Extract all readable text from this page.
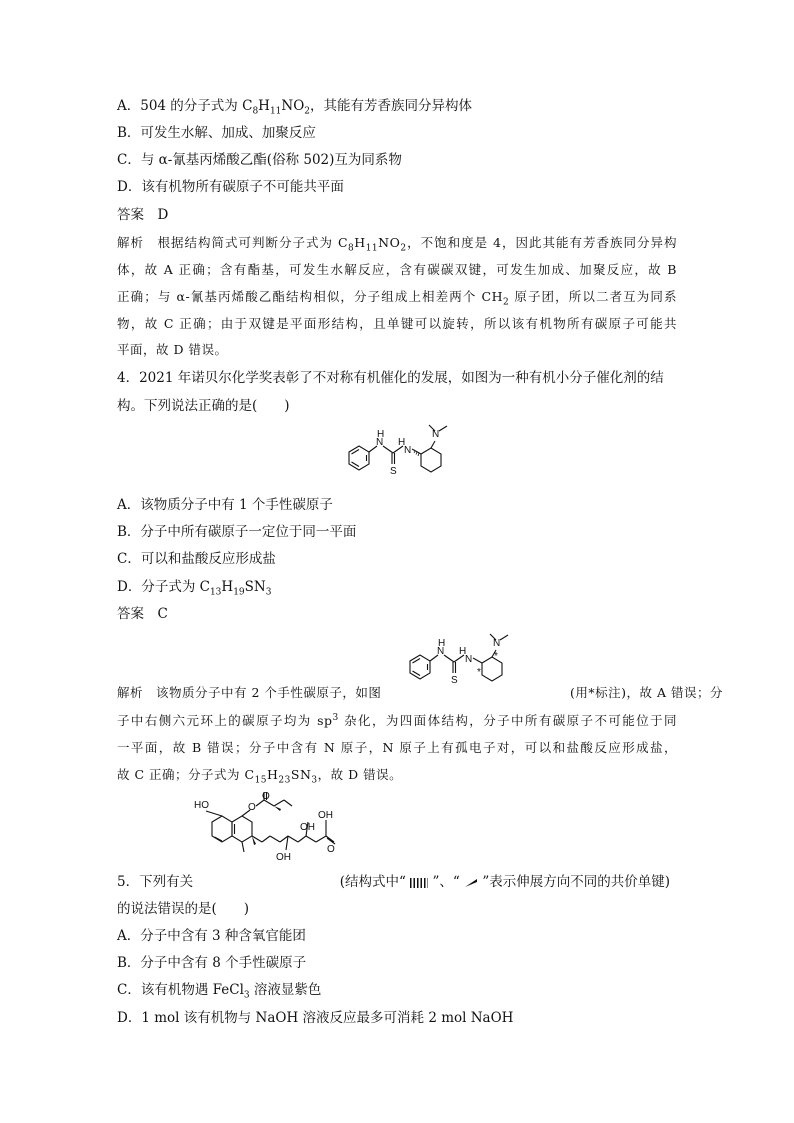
A．504 的分子式为 $C_8H_{11}NO_2$，其能有芳香族同分异构体
B．可发生水解、加成、加聚反应
C．与 α-氰基丙烯酸乙酯(俗称 502)互为同系物
D．该有机物所有碳原子不可能共平面
答案　D
解析　根据结构简式可判断分子式为 $C_8H_{11}NO_2$，不饱和度是 4，因此其能有芳香族同分异构
体，故 A 正确；含有酯基，可发生水解反应，含有碳碳双键，可发生加成、加聚反应，故 B
正确；与 α-氰基丙烯酸乙酯结构相似，分子组成上相差两个 $CH_2$ 原子团，所以二者互为同系
物，故 C 正确；由于双键是平面形结构，且单键可以旋转，所以该有机物所有碳原子可能共
平面，故 D 错误。
4．2021 年诺贝尔化学奖表彰了不对称有机催化的发展，如图为一种有机小分子催化剂的结
构。下列说法正确的是(　　)
N
H
N
H
S
N
A．该物质分子中有 1 个手性碳原子
B．分子中所有碳原子一定位于同一平面
C．可以和盐酸反应形成盐
D．分子式为 $C_{13}H_{19}SN_3$
答案　C
解析　该物质分子中有 2 个手性碳原子，如图
N
H
N
H
S
N
*
*
(用*标注)，故 A 错误；分
子中右侧六元环上的碳原子均为 $sp^3$ 杂化，为四面体结构，分子中所有碳原子不可能位于同
一平面，故 B 错误；分子中含有 N 原子，N 原子上有孤电子对，可以和盐酸反应形成盐，
故 C 正确；分子式为 $C_{15}H_{23}SN_3$，故 D 错误。
HO	O
O
OH
O
OH
OH
5．下列有关	(结构式中“ ”、“ ”表示伸展方向不同的共价单键)
的说法错误的是(　　)
A．分子中含有 3 种含氧官能团
B．分子中含有 8 个手性碳原子
C．该有机物遇 FeCl$_3$ 溶液显紫色
D．1 mol 该有机物与 NaOH 溶液反应最多可消耗 2 mol NaOH
